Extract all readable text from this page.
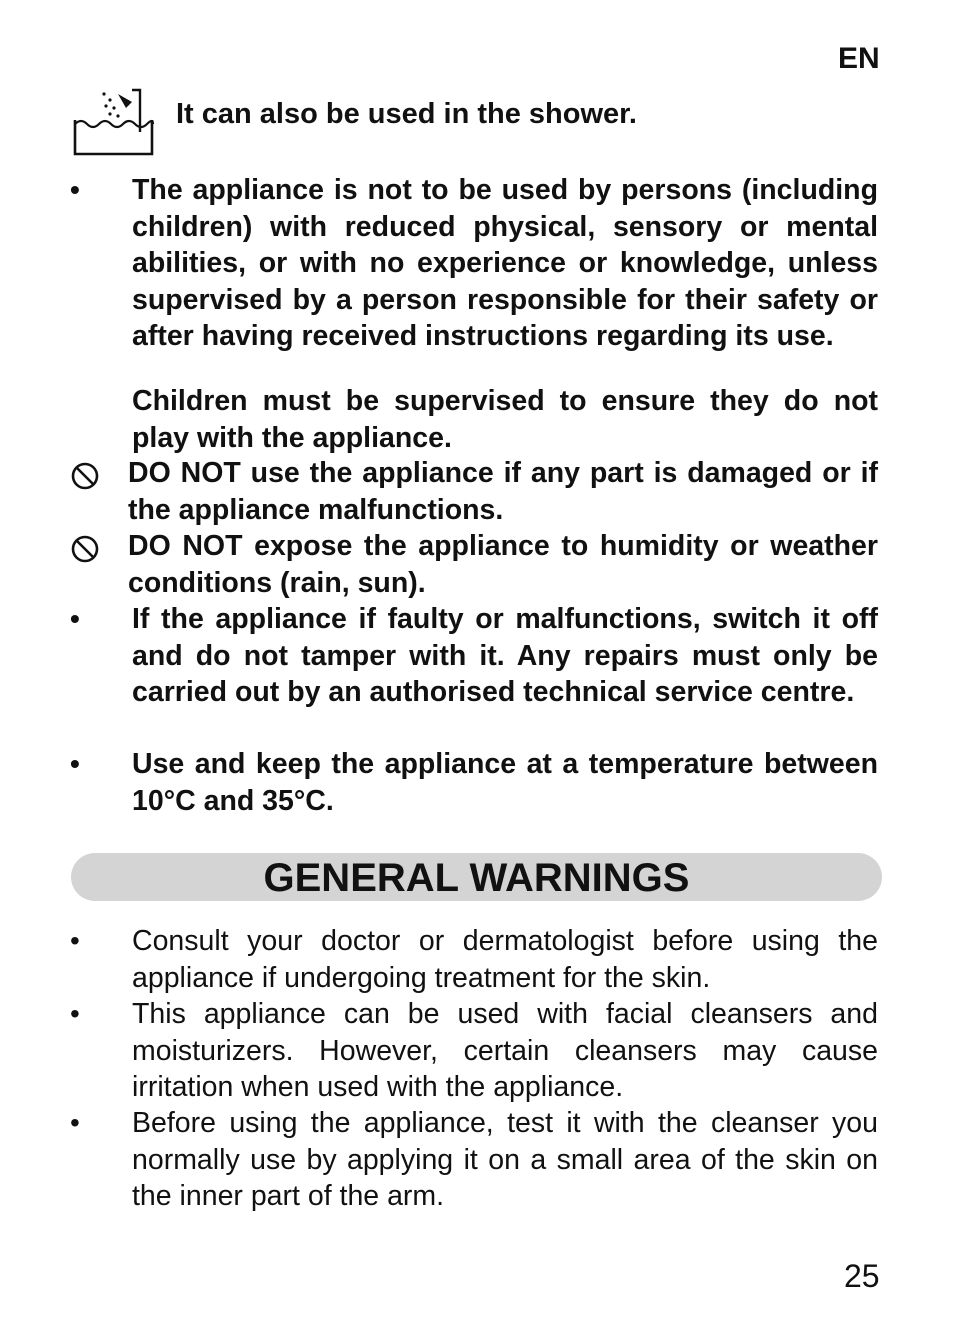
EN
It can also be used in the shower.
•	The appliance is not to be used by persons (including children) with reduced physical, sensory or mental abilities, or with no experience or knowledge, unless supervised by a person responsible for their safety or after having received instructions regarding its use.
Children must be supervised to ensure they do not play with the appliance.
DO NOT use the appliance if any part is damaged or if the appliance malfunctions.
DO NOT expose the appliance to humidity or weather conditions (rain, sun).
•	If the appliance if faulty or malfunctions, switch it off and do not tamper with it. Any repairs must only be carried out by an authorised technical service centre.
•	Use and keep the appliance at a temperature between 10°C and 35°C.
GENERAL WARNINGS
•	Consult your doctor or dermatologist before using the appliance if undergoing treatment for the skin.
•	This appliance can be used with facial cleansers and moisturizers. However, certain cleansers may cause irritation when used with the appliance.
•	Before using the appliance, test it with the cleanser you normally use by applying it on a small area of the skin on the inner part of the arm.
25
